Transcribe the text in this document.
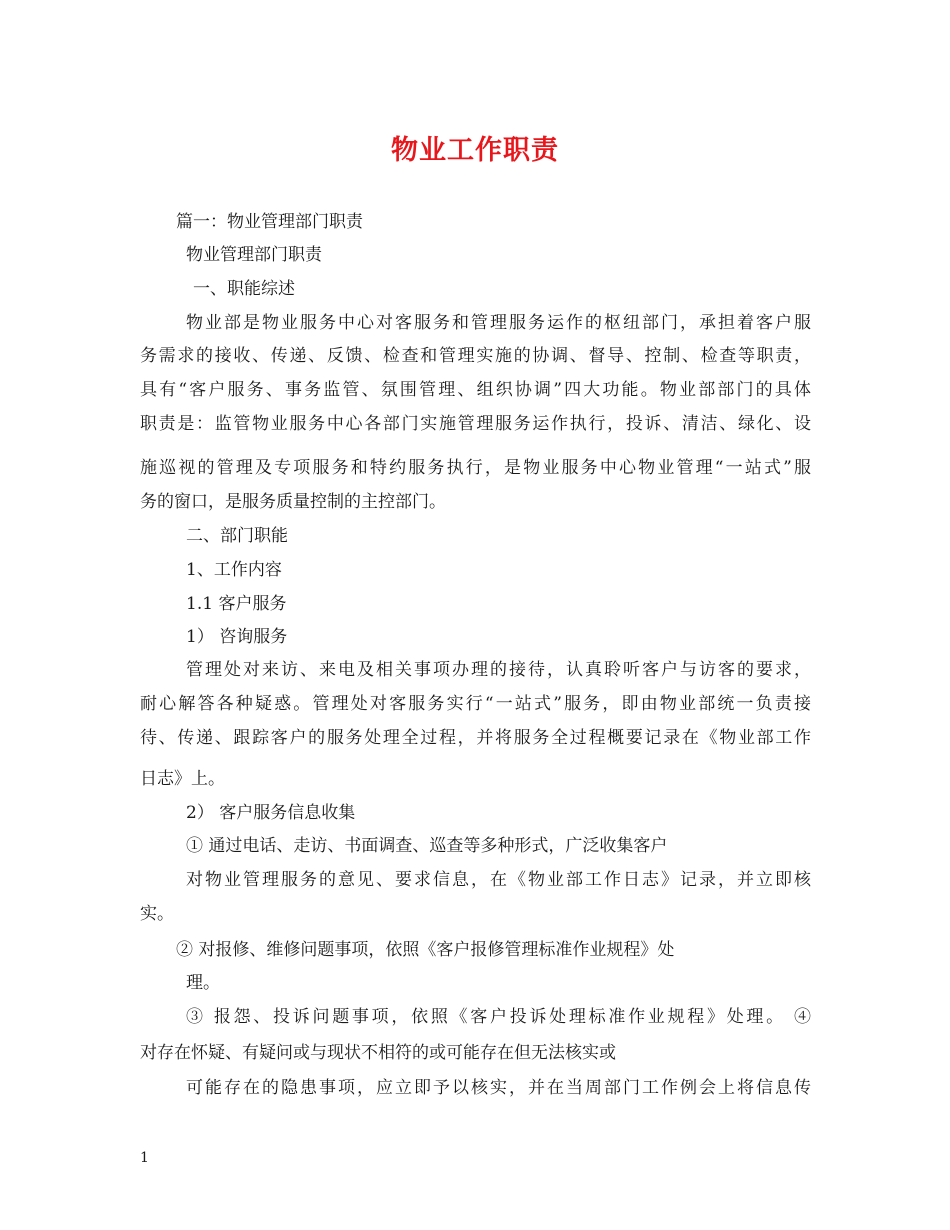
物业工作职责
篇一：物业管理部门职责
物业管理部门职责
一、职能综述
物业部是物业服务中心对客服务和管理服务运作的枢纽部门，承担着客户服
务需求的接收、传递、反馈、检查和管理实施的协调、督导、控制、检查等职责，
具有“客户服务、事务监管、氛围管理、组织协调”四大功能。物业部部门的具体
职责是：监管物业服务中心各部门实施管理服务运作执行，投诉、清洁、绿化、设
施巡视的管理及专项服务和特约服务执行，是物业服务中心物业管理“一站式”服
务的窗口，是服务质量控制的主控部门。
二、部门职能
1、工作内容
1.1 客户服务
1） 咨询服务
管理处对来访、来电及相关事项办理的接待，认真聆听客户与访客的要求，
耐心解答各种疑惑。管理处对客服务实行“一站式”服务，即由物业部统一负责接
待、传递、跟踪客户的服务处理全过程，并将服务全过程概要记录在《物业部工作
日志》上。
2） 客户服务信息收集
① 通过电话、走访、书面调查、巡查等多种形式，广泛收集客户
对物业管理服务的意见、要求信息，在《物业部工作日志》记录，并立即核
实。
② 对报修、维修问题事项，依照《客户报修管理标准作业规程》处
理。
③ 报怨、投诉问题事项，依照《客户投诉处理标准作业规程》处理。 ④
对存在怀疑、有疑问或与现状不相符的或可能存在但无法核实或
可能存在的隐患事项，应立即予以核实，并在当周部门工作例会上将信息传
1
